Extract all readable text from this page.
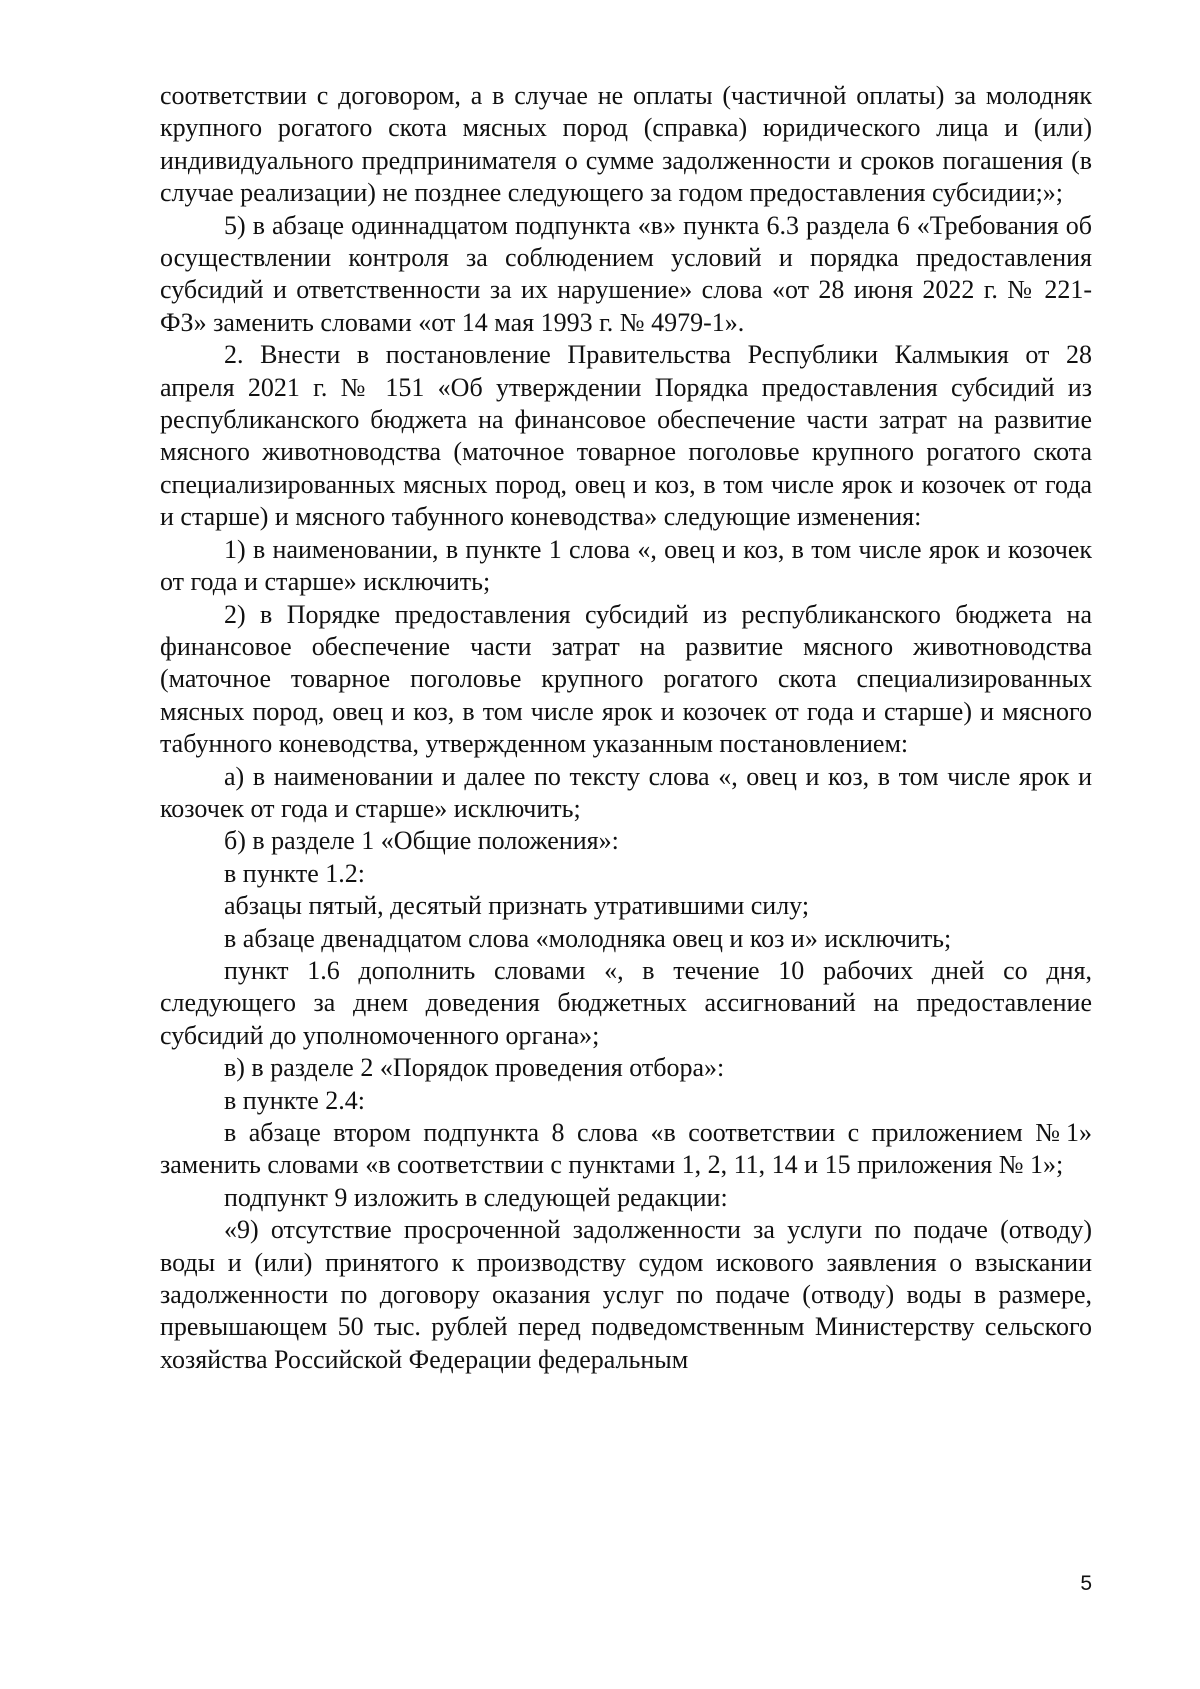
соответствии с договором, а в случае не оплаты (частичной оплаты) за молодняк крупного рогатого скота мясных пород (справка) юридического лица и (или) индивидуального предпринимателя о сумме задолженности и сроков погашения (в случае реализации) не позднее следующего за годом предоставления субсидии;»;

5) в абзаце одиннадцатом подпункта «в» пункта 6.3 раздела 6 «Требования об осуществлении контроля за соблюдением условий и порядка предоставления субсидий и ответственности за их нарушение» слова «от 28 июня 2022 г. № 221-ФЗ» заменить словами «от 14 мая 1993 г. № 4979-1».

2. Внести в постановление Правительства Республики Калмыкия от 28 апреля 2021 г. № 151 «Об утверждении Порядка предоставления субсидий из республиканского бюджета на финансовое обеспечение части затрат на развитие мясного животноводства (маточное товарное поголовье крупного рогатого скота специализированных мясных пород, овец и коз, в том числе ярок и козочек от года и старше) и мясного табунного коневодства» следующие изменения:

1) в наименовании, в пункте 1 слова «, овец и коз, в том числе ярок и козочек от года и старше» исключить;

2) в Порядке предоставления субсидий из республиканского бюджета на финансовое обеспечение части затрат на развитие мясного животноводства (маточное товарное поголовье крупного рогатого скота специализированных мясных пород, овец и коз, в том числе ярок и козочек от года и старше) и мясного табунного коневодства, утвержденном указанным постановлением:

а) в наименовании и далее по тексту слова «, овец и коз, в том числе ярок и козочек от года и старше» исключить;

б) в разделе 1 «Общие положения»:

в пункте 1.2:

абзацы пятый, десятый признать утратившими силу;

в абзаце двенадцатом слова «молодняка овец и коз и» исключить;

пункт 1.6 дополнить словами «, в течение 10 рабочих дней со дня, следующего за днем доведения бюджетных ассигнований на предоставление субсидий до уполномоченного органа»;

в) в разделе 2 «Порядок проведения отбора»:

в пункте 2.4:

в абзаце втором подпункта 8 слова «в соответствии с приложением №1» заменить словами «в соответствии с пунктами 1, 2, 11, 14 и 15 приложения № 1»;

подпункт 9 изложить в следующей редакции:

«9) отсутствие просроченной задолженности за услуги по подаче (отводу) воды и (или) принятого к производству судом искового заявления о взыскании задолженности по договору оказания услуг по подаче (отводу) воды в размере, превышающем 50 тыс. рублей перед подведомственным Министерству сельского хозяйства Российской Федерации федеральным

5
